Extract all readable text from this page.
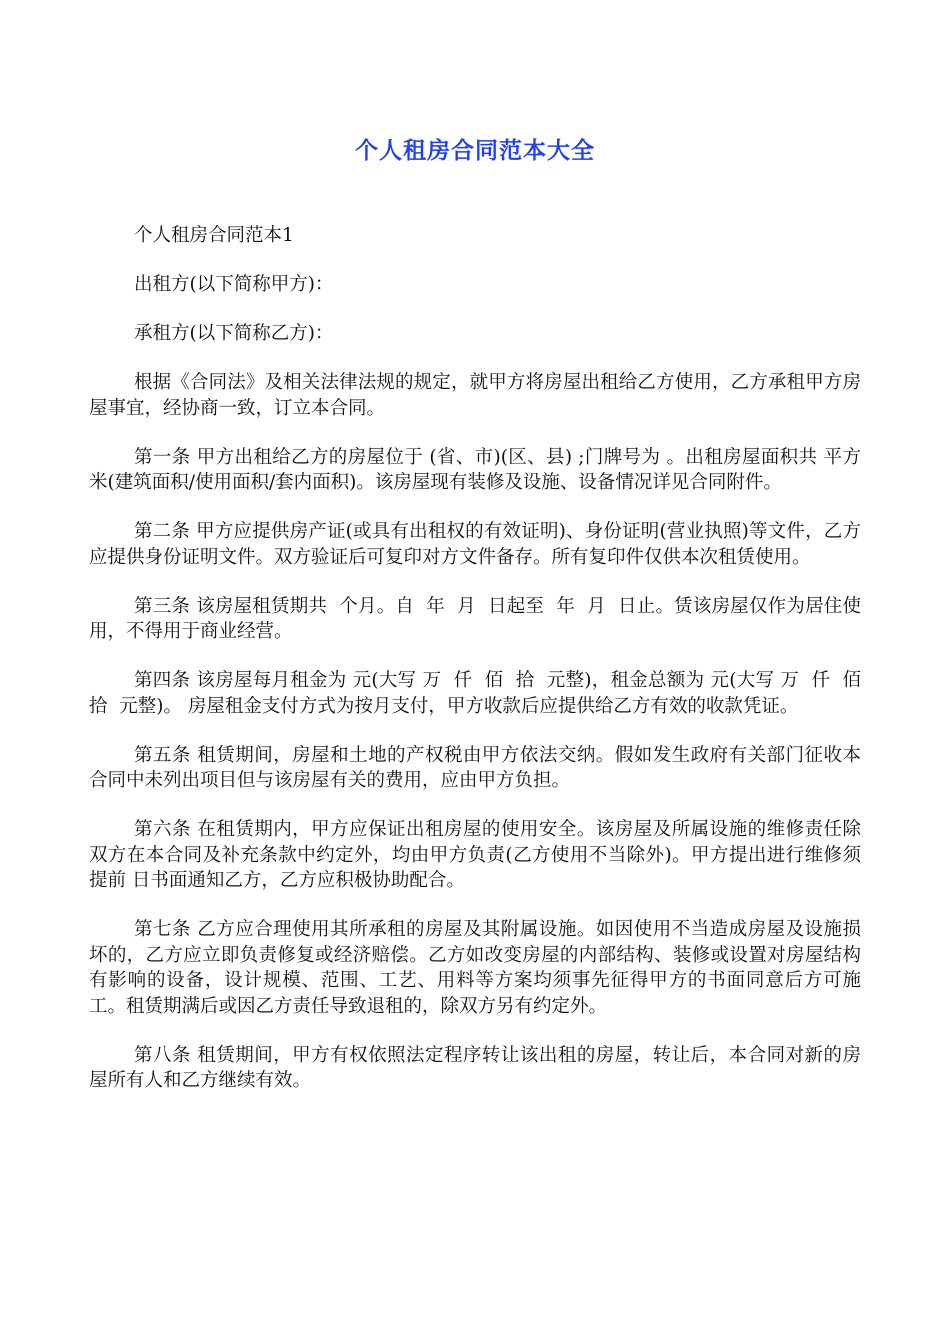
个人租房合同范本大全

个人租房合同范本1

出租方(以下简称甲方)：

承租方(以下简称乙方)：

根据《合同法》及相关法律法规的规定，就甲方将房屋出租给乙方使用，乙方承租甲方房屋事宜，经协商一致，订立本合同。

第一条 甲方出租给乙方的房屋位于 (省、市)(区、县) ;门牌号为 。出租房屋面积共 平方米(建筑面积/使用面积/套内面积)。该房屋现有装修及设施、设备情况详见合同附件。

第二条 甲方应提供房产证(或具有出租权的有效证明)、身份证明(营业执照)等文件，乙方应提供身份证明文件。双方验证后可复印对方文件备存。所有复印件仅供本次租赁使用。

第三条 该房屋租赁期共  个月。自  年  月  日起至  年  月  日止。赁该房屋仅作为居住使用，不得用于商业经营。

第四条 该房屋每月租金为 元(大写 万  仟  佰  拾  元整)，租金总额为 元(大写 万  仟  佰  拾  元整)。 房屋租金支付方式为按月支付，甲方收款后应提供给乙方有效的收款凭证。

第五条 租赁期间，房屋和土地的产权税由甲方依法交纳。假如发生政府有关部门征收本合同中未列出项目但与该房屋有关的费用，应由甲方负担。

第六条 在租赁期内，甲方应保证出租房屋的使用安全。该房屋及所属设施的维修责任除双方在本合同及补充条款中约定外，均由甲方负责(乙方使用不当除外)。甲方提出进行维修须提前 日书面通知乙方，乙方应积极协助配合。

第七条 乙方应合理使用其所承租的房屋及其附属设施。如因使用不当造成房屋及设施损坏的，乙方应立即负责修复或经济赔偿。乙方如改变房屋的内部结构、装修或设置对房屋结构有影响的设备，设计规模、范围、工艺、用料等方案均须事先征得甲方的书面同意后方可施工。租赁期满后或因乙方责任导致退租的，除双方另有约定外。

第八条 租赁期间，甲方有权依照法定程序转让该出租的房屋，转让后，本合同对新的房屋所有人和乙方继续有效。
